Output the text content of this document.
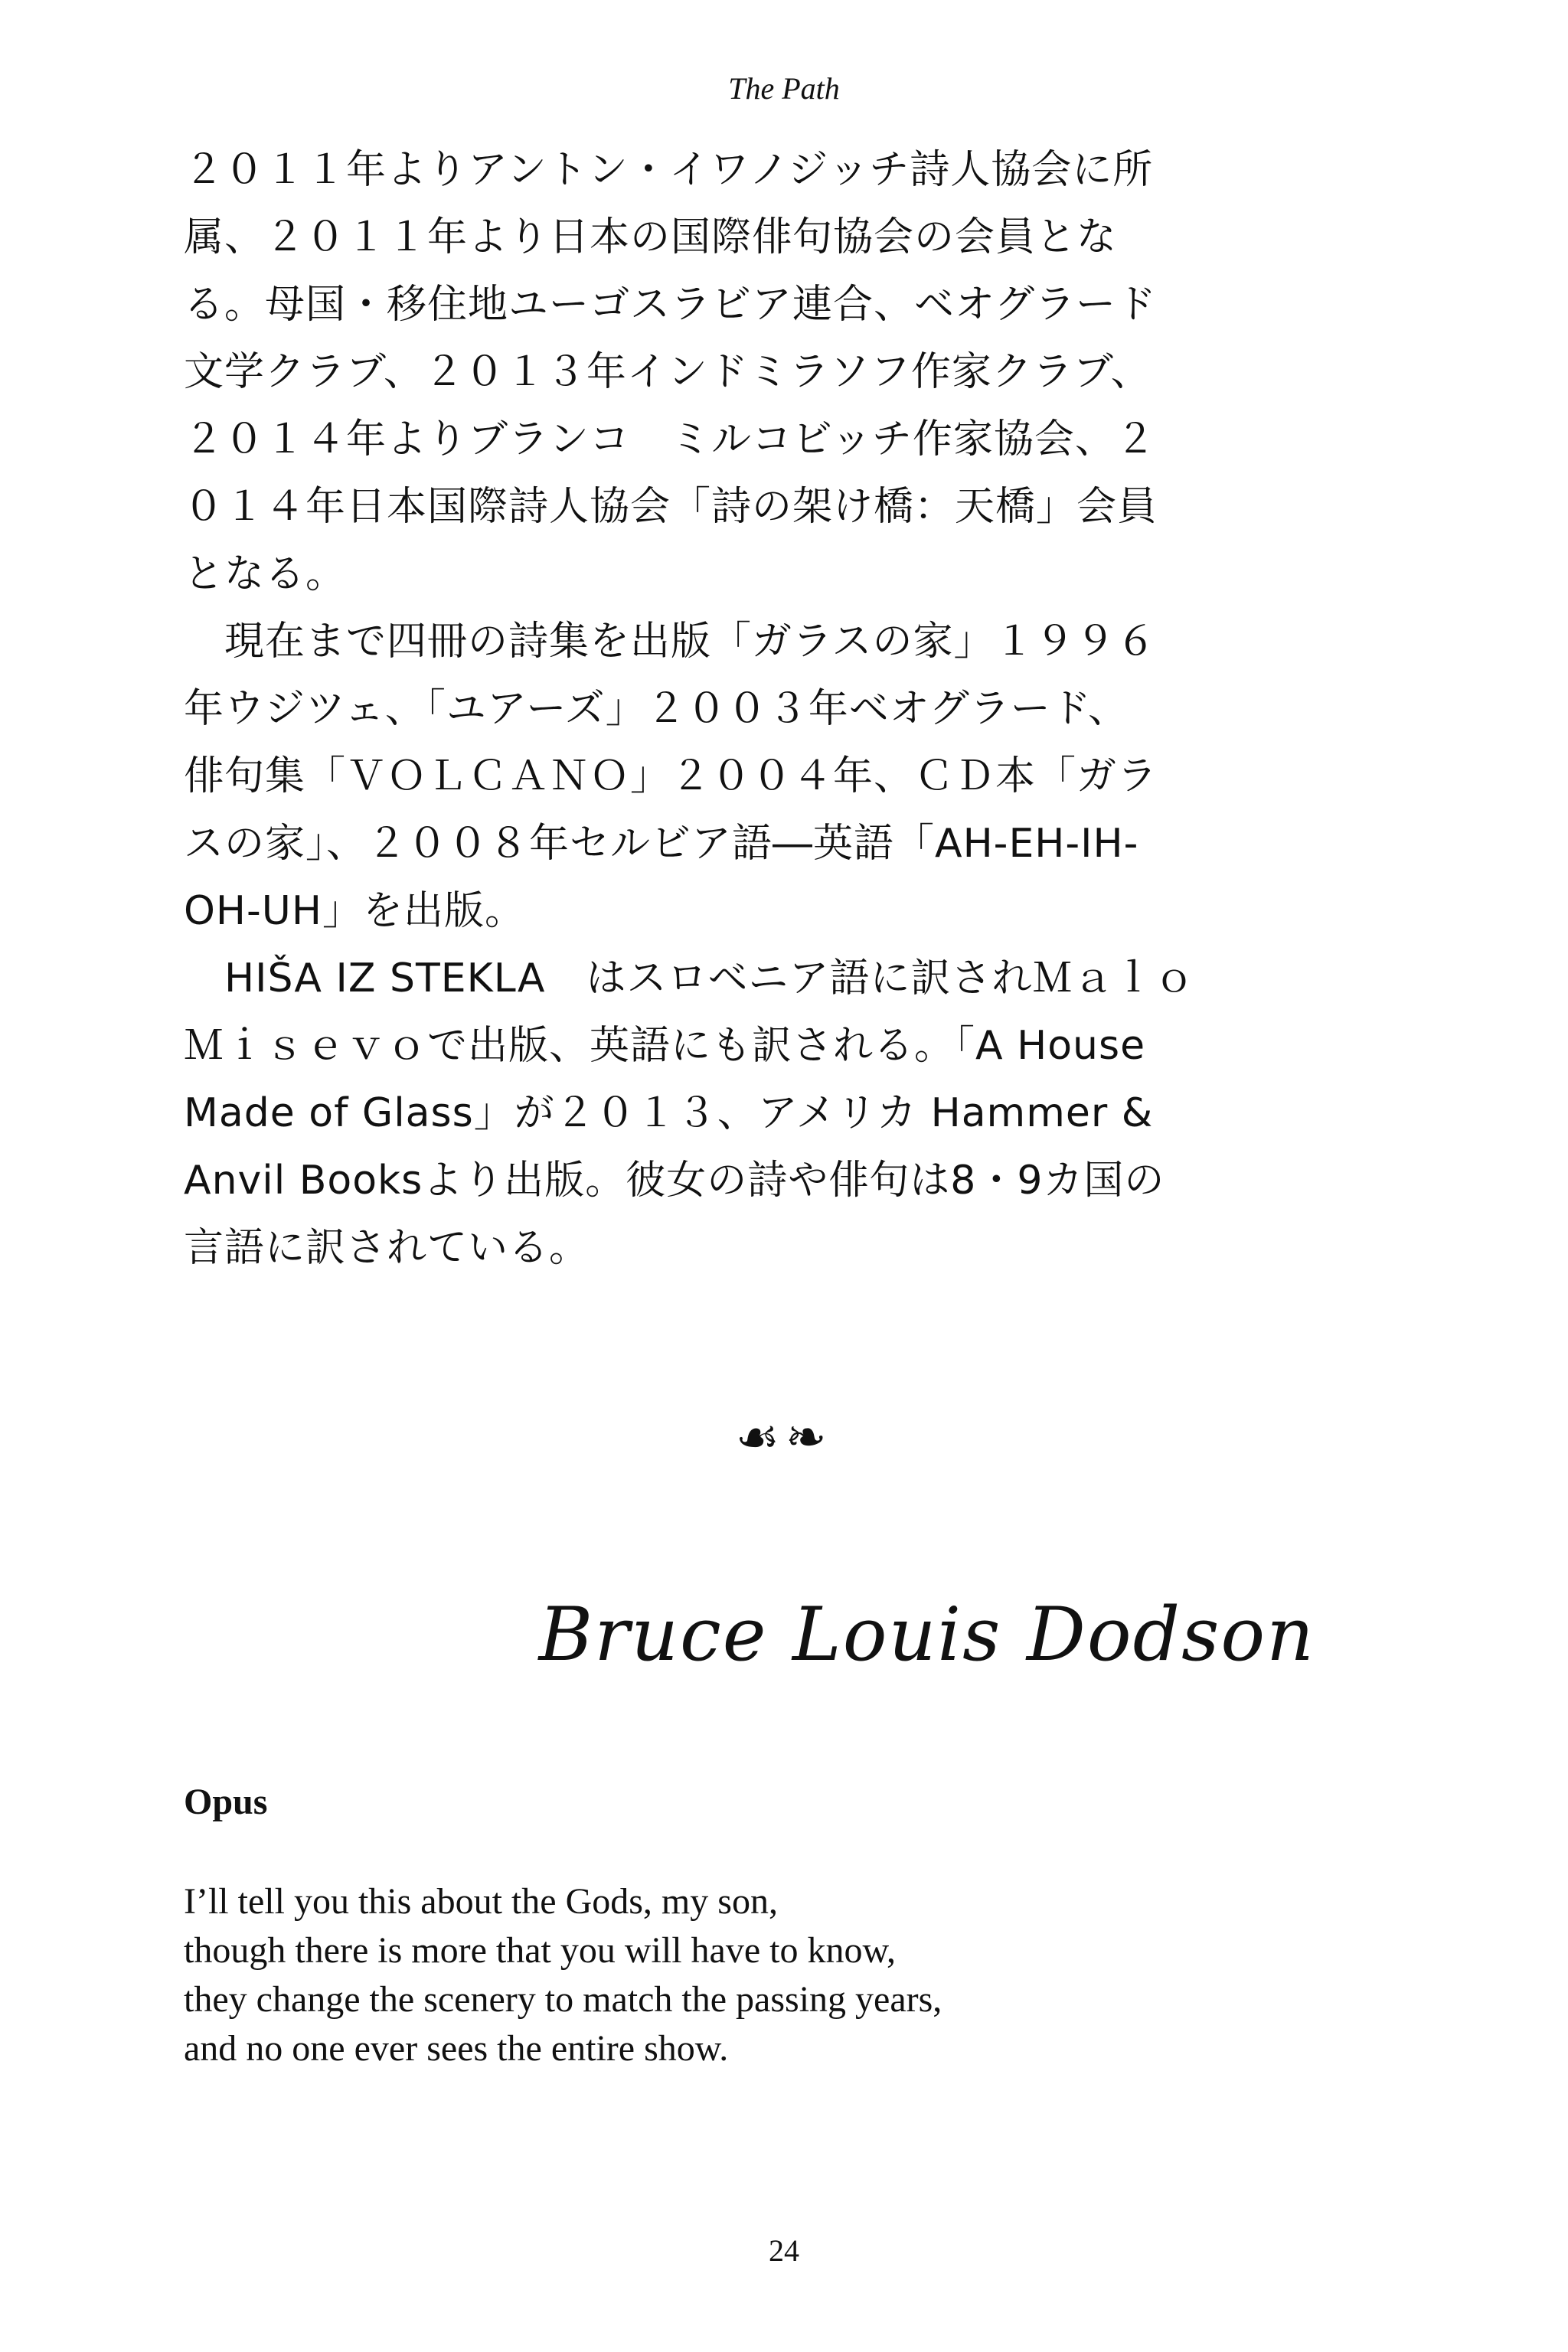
The Path
２０１１年よりアントン・イワノジッチ詩人協会に所
属、２０１１年より日本の国際俳句協会の会員とな
る。母国・移住地ユーゴスラビア連合、ベオグラード
文学クラブ、２０１３年インドミラソフ作家クラブ、
２０１４年よりブランコ　ミルコビッチ作家協会、２
０１４年日本国際詩人協会「詩の架け橋：天橋」会員
となる。
　現在まで四冊の詩集を出版「ガラスの家」１９９６
年ウジツェ、「ユアーズ」２００３年ベオグラード、
俳句集「ＶＯＬＣＡＮＯ」２００４年、ＣＤ本「ガラ
スの家」、２００８年セルビア語―英語「AH-EH-IH-
OH-UH」を出版。
　HIŠA IZ STEKLA　はスロベニア語に訳されＭａｌｏ
Ｍｉｓｅｖｏで出版、英語にも訳される。「A House
Made of Glass」が２０１３、アメリカ Hammer &
Anvil Booksより出版。彼女の詩や俳句は8・9カ国の
言語に訳されている。
☙❧
Bruce Louis Dodson
Opus
I’ll tell you this about the Gods, my son,
though there is more that you will have to know,
they change the scenery to match the passing years,
and no one ever sees the entire show.
24
